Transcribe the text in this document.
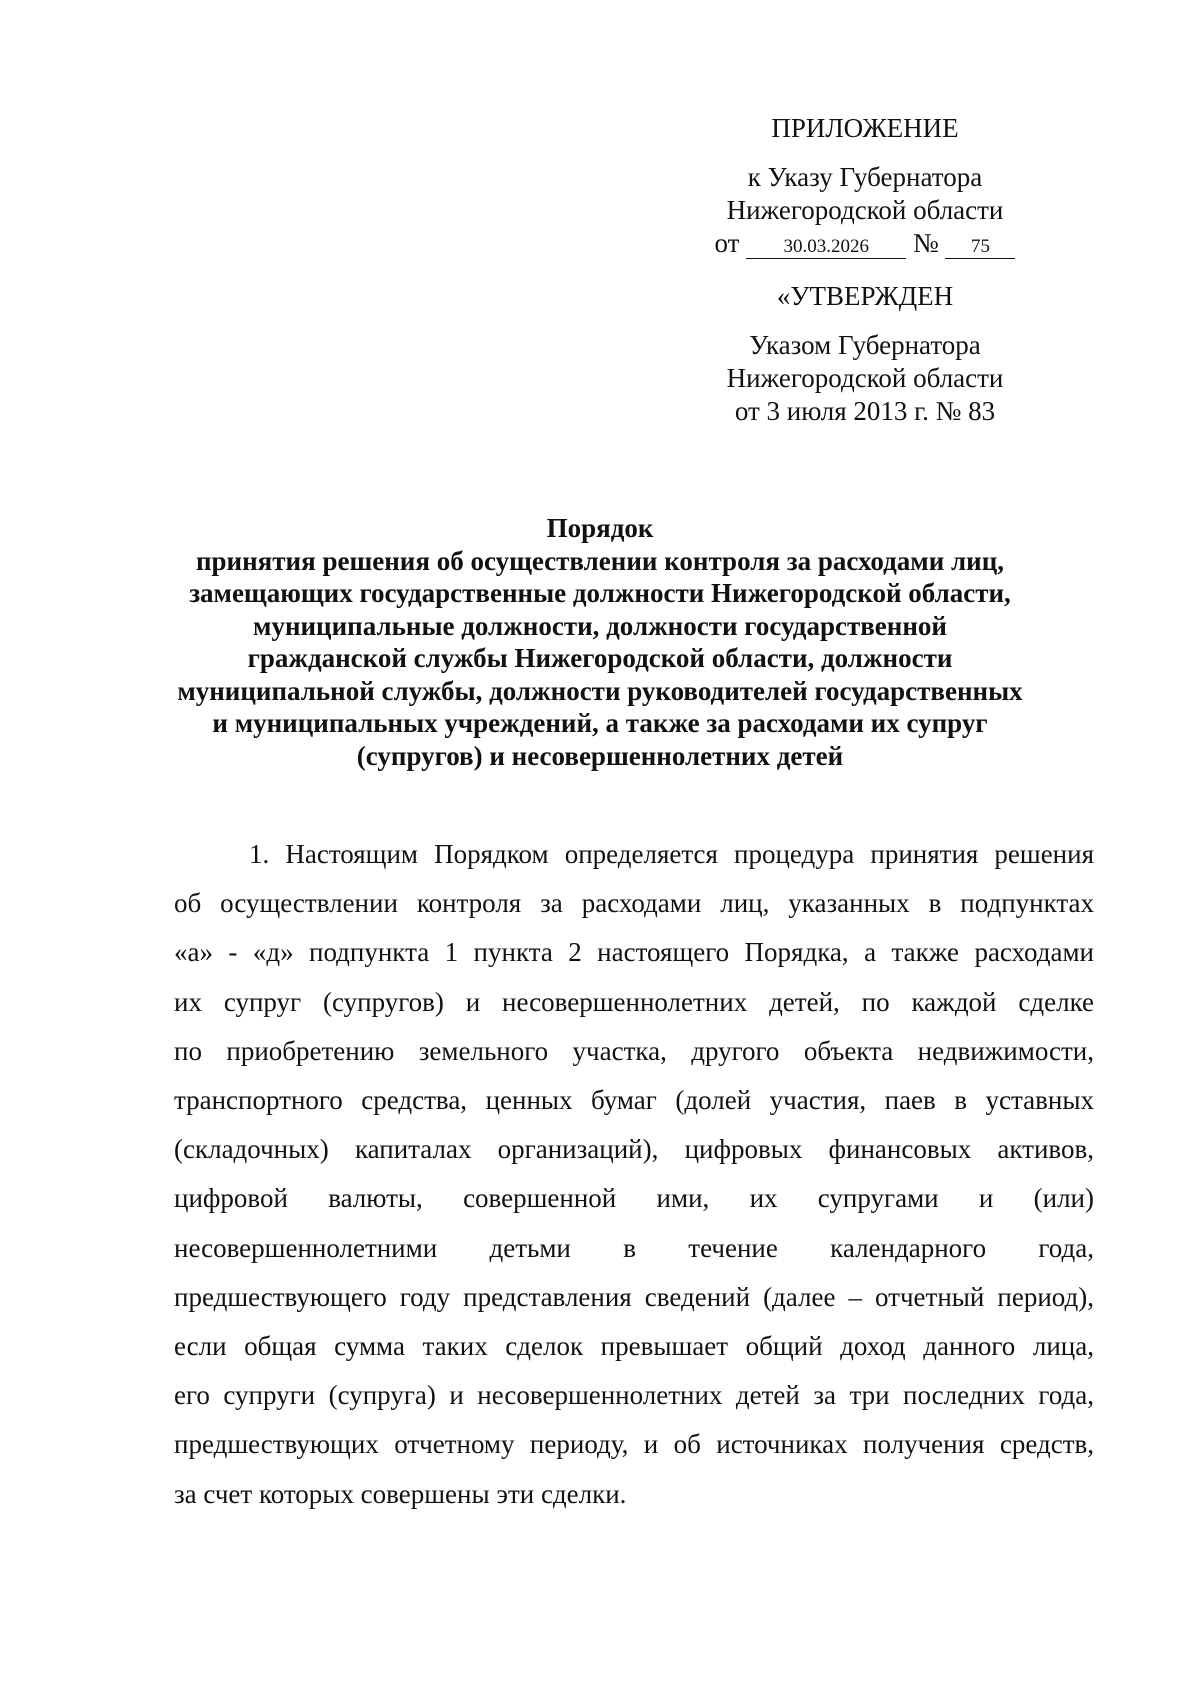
ПРИЛОЖЕНИЕ
к Указу Губернатора
Нижегородской области
от 30.03.2026 № 75
«УТВЕРЖДЕН
Указом Губернатора
Нижегородской области
от 3 июля 2013 г. № 83
Порядок
принятия решения об осуществлении контроля за расходами лиц,
замещающих государственные должности Нижегородской области,
муниципальные должности, должности государственной
гражданской службы Нижегородской области, должности
муниципальной службы, должности руководителей государственных
и муниципальных учреждений, а также за расходами их супруг
(супругов) и несовершеннолетних детей
1. Настоящим Порядком определяется процедура принятия решения
об осуществлении контроля за расходами лиц, указанных в подпунктах
«а» - «д» подпункта 1 пункта 2 настоящего Порядка, а также расходами
их супруг (супругов) и несовершеннолетних детей, по каждой сделке
по приобретению земельного участка, другого объекта недвижимости,
транспортного средства, ценных бумаг (долей участия, паев в уставных
(складочных) капиталах организаций), цифровых финансовых активов,
цифровой валюты, совершенной ими, их супругами и (или)
несовершеннолетними детьми в течение календарного года,
предшествующего году представления сведений (далее – отчетный период),
если общая сумма таких сделок превышает общий доход данного лица,
его супруги (супруга) и несовершеннолетних детей за три последних года,
предшествующих отчетному периоду, и об источниках получения средств,
за счет которых совершены эти сделки.
